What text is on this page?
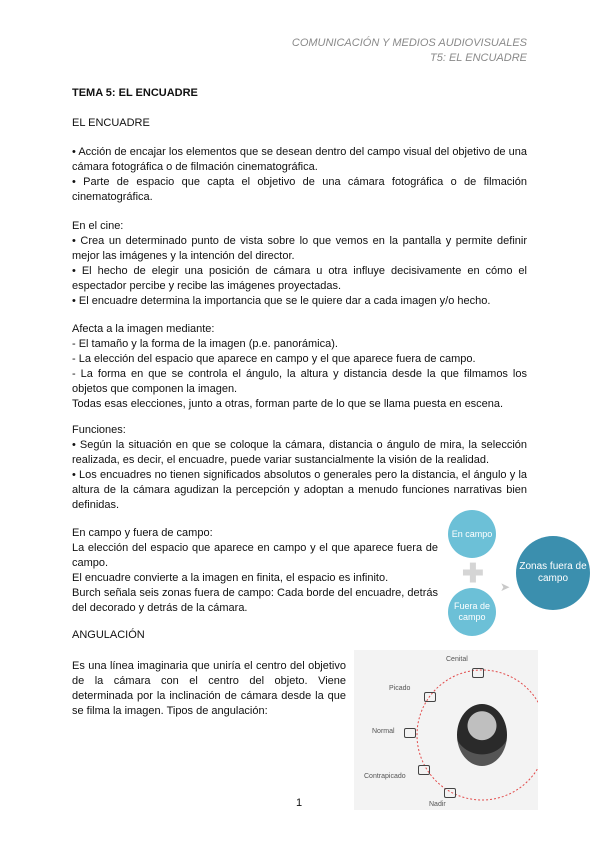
COMUNICACIÓN Y MEDIOS AUDIOVISUALES
T5: EL ENCUADRE
TEMA 5: EL ENCUADRE
EL ENCUADRE

• Acción de encajar los elementos que se desean dentro del campo visual del objetivo de una cámara fotográfica o de filmación cinematográfica.

• Parte de espacio que capta el objetivo de una cámara fotográfica o de filmación cinematográfica.

En el cine:

• Crea un determinado punto de vista sobre lo que vemos en la pantalla y permite definir mejor las imágenes y la intención del director.

• El hecho de elegir una posición de cámara u otra influye decisivamente en cómo el espectador percibe y recibe las imágenes proyectadas.

• El encuadre determina la importancia que se le quiere dar a cada imagen y/o hecho.

Afecta a la imagen mediante:

- El tamaño y la forma de la imagen (p.e. panorámica).

- La elección del espacio que aparece en campo y el que aparece fuera de campo.

- La forma en que se controla el ángulo, la altura y distancia desde la que filmamos los objetos que componen la imagen.

Todas esas elecciones, junto a otras, forman parte de lo que se llama puesta en escena.

Funciones:

• Según la situación en que se coloque la cámara, distancia o ángulo de mira, la selección realizada, es decir, el encuadre, puede variar sustancialmente la visión de la realidad.

• Los encuadres no tienen significados absolutos o generales pero la distancia, el ángulo y la altura de la cámara agudizan la percepción y adoptan a menudo funciones narrativas bien definidas.

En campo y fuera de campo:

La elección del espacio que aparece en campo y el que aparece fuera de campo.

El encuadre convierte a la imagen en finita, el espacio es infinito.

Burch señala seis zonas fuera de campo: Cada borde del encuadre, detrás del decorado y detrás de la cámara.

En campo
✚
Fuera de campo
➤
Zonas fuera de campo
ANGULACIÓN
Es una línea imaginaria que uniría el centro del objetivo de la cámara con el centro del objeto. Viene determinada por la inclinación de cámara desde la que se filma la imagen. Tipos de angulación:
Cenital
Picado
Normal
Contrapicado
Nadir
1
